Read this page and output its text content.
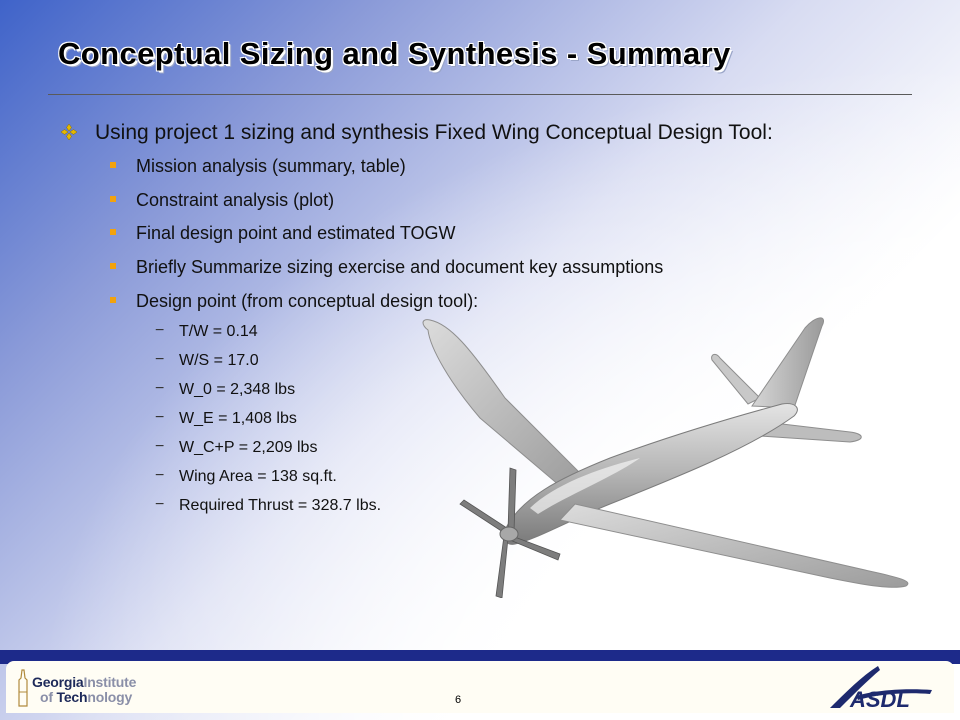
Conceptual Sizing and Synthesis - Summary
Using project 1 sizing and synthesis Fixed Wing Conceptual Design Tool:
Mission analysis (summary, table)
Constraint analysis (plot)
Final design point and estimated TOGW
Briefly Summarize sizing exercise and document key assumptions
Design point (from conceptual design tool):
− T/W = 0.14
− W/S = 17.0
− W_0 = 2,348 lbs
− W_E = 1,408 lbs
− W_C+P = 2,209 lbs
− Wing Area = 138 sq.ft.
− Required Thrust = 328.7 lbs.
GeorgiaInstitute
of Technology	6	ASDL
